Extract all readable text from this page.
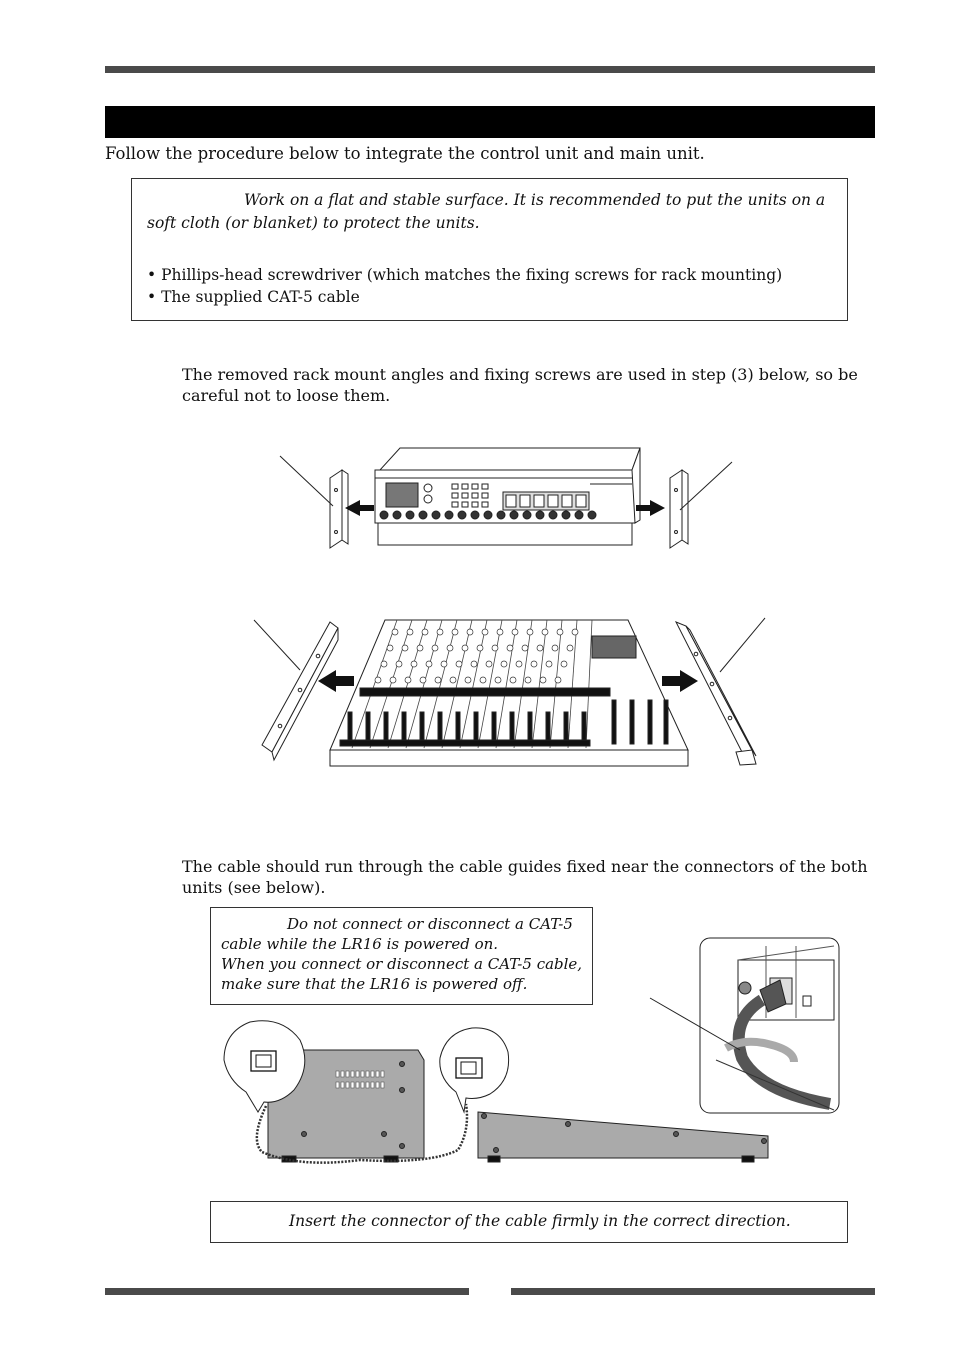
Follow the procedure below to integrate the control unit and main unit.
Work on a flat and stable surface. It is recommended to put the units on a soft cloth (or blanket) to protect the units.
• Phillips-head screwdriver (which matches the fixing screws for rack mounting)
• The supplied CAT-5 cable
The removed rack mount angles and fixing screws are used in step (3) below, so be careful not to loose them.
The cable should run through the cable guides fixed near the connectors of the both units (see below).
Do not connect or disconnect a CAT-5
cable while the LR16 is powered on.
When you connect or disconnect a CAT-5 cable,
make sure that the LR16 is powered off.
Insert the connector of the cable firmly in the correct direction.
